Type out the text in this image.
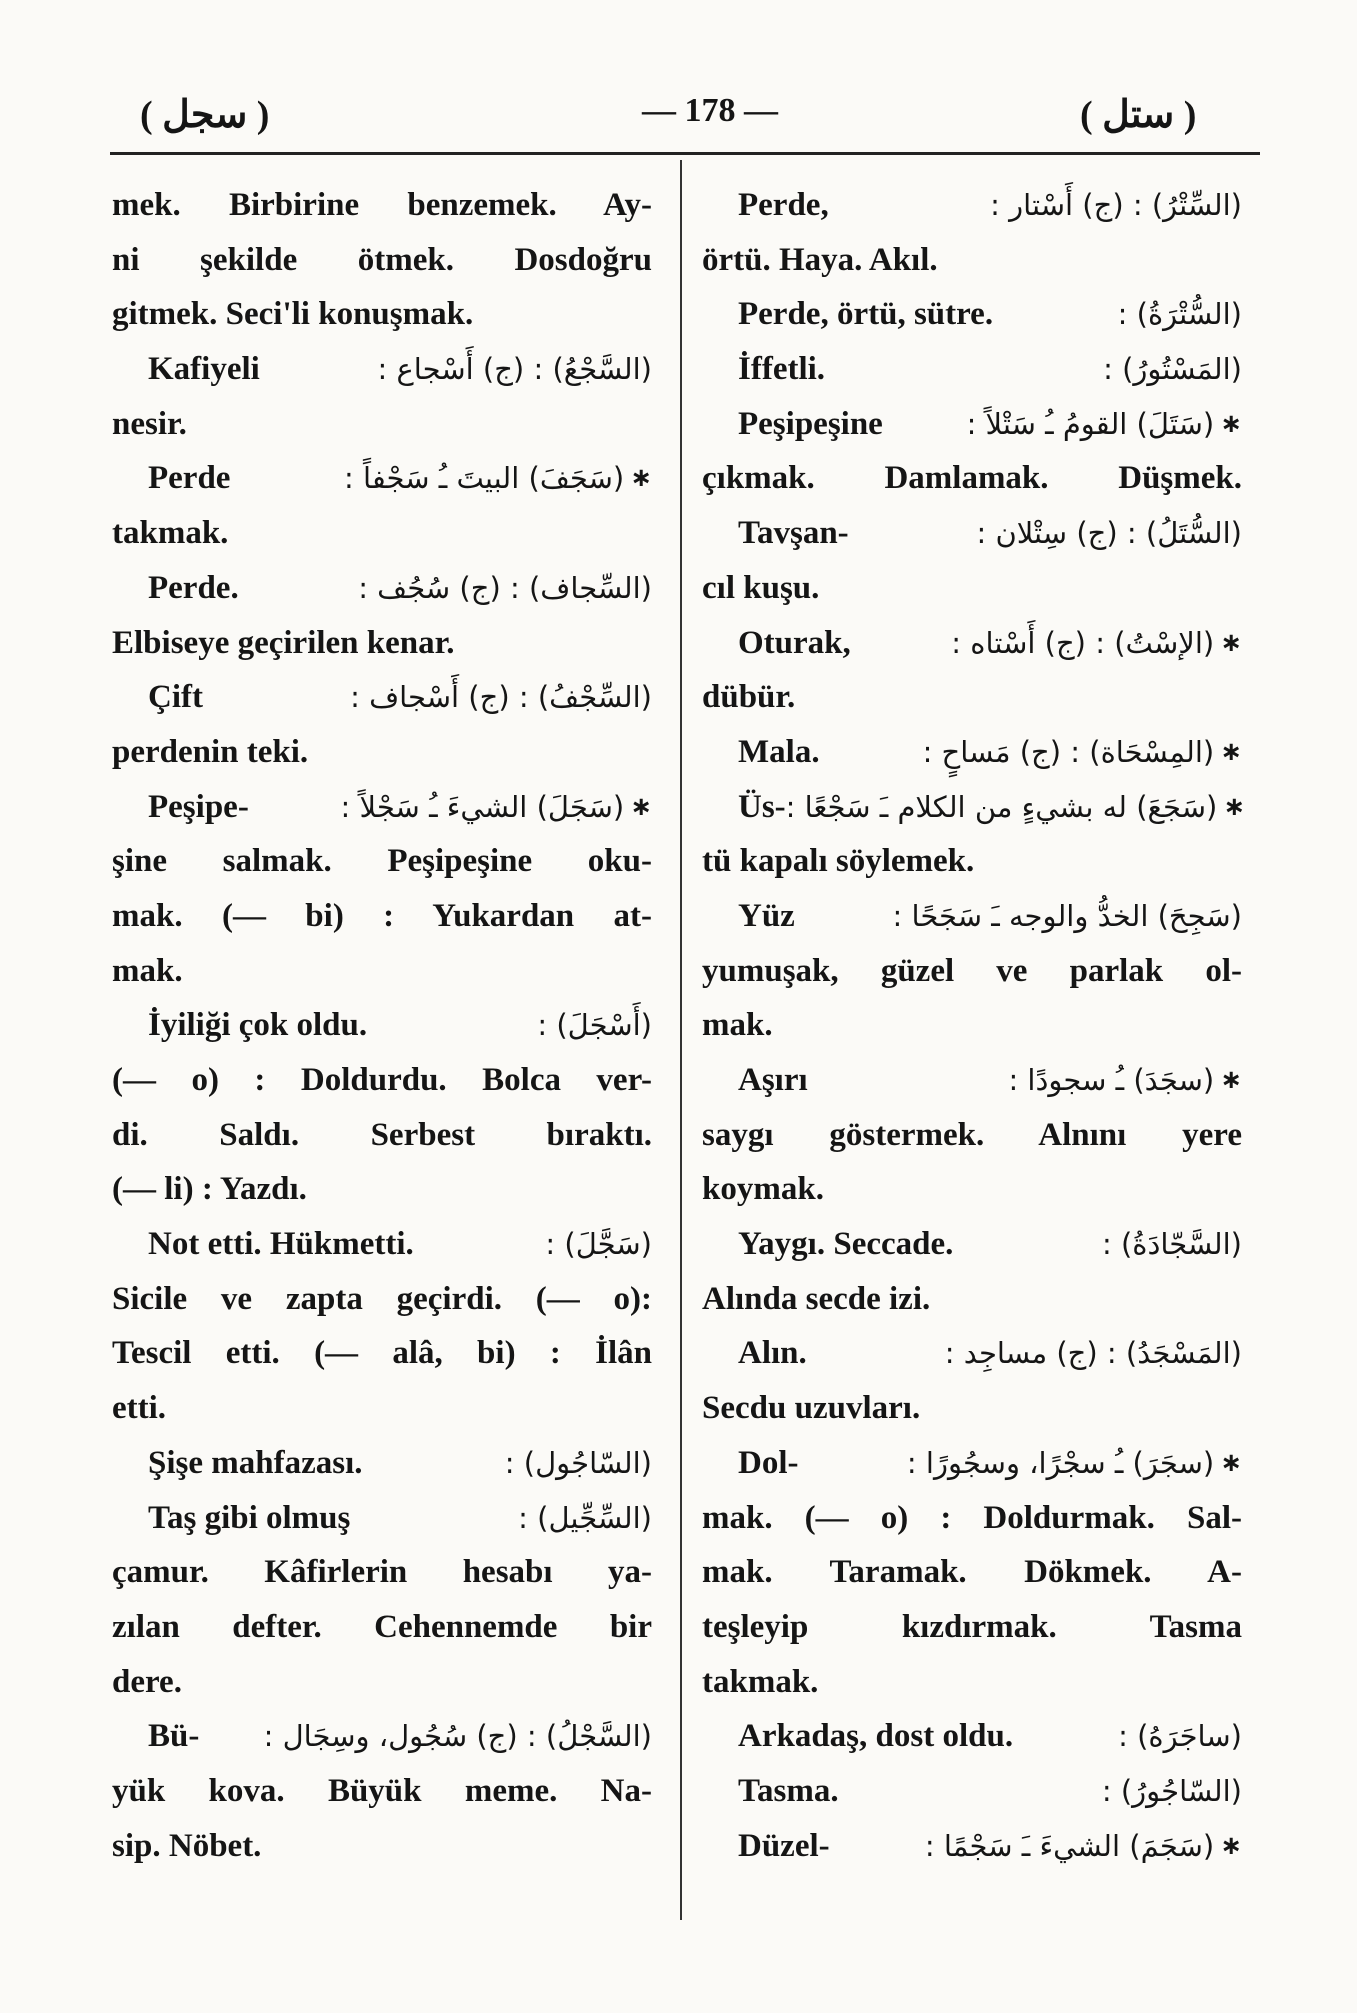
( سجل )	— 178 —	( ستل )
mek. Birbirine benzemek. Ay-
ni şekilde ötmek. Dosdoğru
gitmek. Seci'li konuşmak.
Kafiyeli	(السَّجْعُ) : (ج) أَسْجاع :
nesir.
Perde	(سَجَفَ) البيتَ ـُ سَجْفاً : ∗
takmak.
Perde.	(السِّجاف) : (ج) سُجُف :
Elbiseye geçirilen kenar.
Çift	(السِّجْفُ) : (ج) أَسْجاف :
perdenin teki.
Peşipe-	(سَجَلَ) الشيءَ ـُ سَجْلاً : ∗
şine salmak. Peşipeşine oku-
mak. (— bi) : Yukardan at-
mak.
İyiliği çok oldu.	(أَسْجَلَ) :
(— o) : Doldurdu. Bolca ver-
di. Saldı. Serbest bıraktı.
(— li) : Yazdı.
Not etti. Hükmetti.	(سَجَّلَ) :
Sicile ve zapta geçirdi. (— o):
Tescil etti. (— alâ, bi) : İlân
etti.
Şişe mahfazası.	(السّاجُول) :
Taş gibi olmuş	(السِّجِّيل) :
çamur. Kâfirlerin hesabı ya-
zılan defter. Cehennemde bir
dere.
Bü- (السَّجْلُ) : (ج) سُجُول، وسِجَال :
yük kova. Büyük meme. Na-
sip. Nöbet.
Perde,	(السِّتْرُ) : (ج) أَسْتار :
örtü. Haya. Akıl.
Perde, örtü, sütre.	(السُّتْرَةُ) :
İffetli.	(المَسْتُورُ) :
Peşipeşine	(سَتَلَ) القومُ ـُ سَتْلاً : ∗
çıkmak. Damlamak. Düşmek.
Tavşan-	(السُّتَلُ) : (ج) سِتْلان :
cıl kuşu.
Oturak,	(الإسْتُ) : (ج) أَسْتاه : ∗
dübür.
Mala.	(المِسْحَاة) : (ج) مَساحٍ : ∗
Üs- (سَجَعَ) له بشيءٍ من الكلام ـَ سَجْعًا : ∗
tü kapalı söylemek.
Yüz	(سَجِحَ) الخدُّ والوجه ـَ سَجَحًا :
yumuşak, güzel ve parlak ol-
mak.
Aşırı	(سجَدَ) ـُ سجودًا : ∗
saygı göstermek. Alnını yere
koymak.
Yaygı. Seccade.	(السَّجّادَةُ) :
Alında secde izi.
Alın.	(المَسْجَدُ) : (ج) مساجِد :
Secdu uzuvları.
Dol-	(سجَرَ) ـُ سجْرًا، وسجُورًا : ∗
mak. (— o) : Doldurmak. Sal-
mak. Taramak. Dökmek. A-
teşleyip kızdırmak. Tasma
takmak.
Arkadaş, dost oldu.	(ساجَرَهُ) :
Tasma.	(السّاجُورُ) :
Düzel-	(سَجَمَ) الشيءَ ـَ سَجْمًا : ∗
